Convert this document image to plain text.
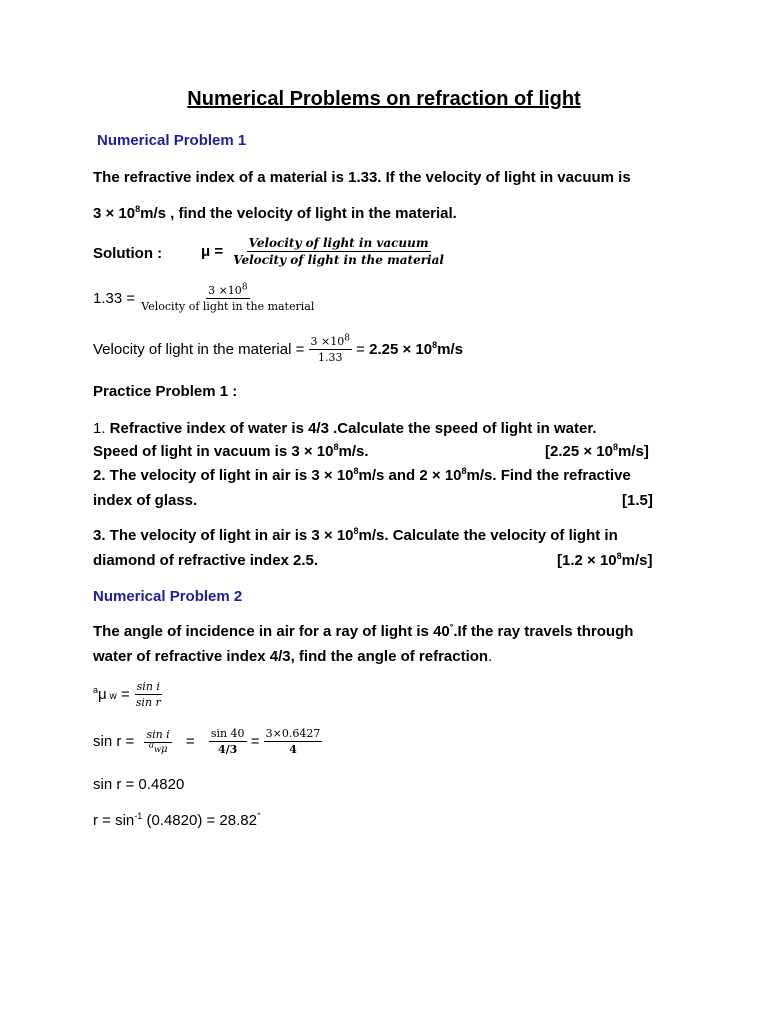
Numerical Problems on refraction of light
Numerical Problem 1
The refractive index of a material is 1.33. If the velocity of light in vacuum is
$3 \times 10^8m/s$ , find the velocity of light in the material.
Solution :	$\mu = \frac{\text{Velocity of light in vacuum}}{\text{Velocity of light in the material}}$
$1.33 = \frac{3 \times 10^8}{\text{Velocity of light in the material}}$
Velocity of light in the material = $\frac{3 \times 10^8}{1.33} = 2.25 \times 10^8m/s$
Practice Problem 1 :
1. Refractive index of water is 4/3 .Calculate the speed of light in water.
Speed of light in vacuum is $3 \times 10^8m/s$.	$[2.25 \times 10^8m/s]$
2. The velocity of light in air is $3 \times 10^8m/s$ and $2 \times 10^8m/s$. Find the refractive
index of glass.	[1.5]
3. The velocity of light in air is $3 \times 10^8m/s$. Calculate the velocity of light in
diamond of refractive index 2.5.	$[1.2 \times 10^8m/s]$
Numerical Problem 2
The angle of incidence in air for a ray of light is 40°.If the ray travels through
water of refractive index 4/3, find the angle of refraction.
$^a$μ $w = \frac{\text{sin i}}{\text{sin r}}$
$\sin r = \frac{\text{sin i}}{^aw\mu} = \frac{\sin 40}{4/3} = \frac{3\times 0.6427}{4}$
sin r = 0.4820
$r = \sin^{-1} (0.4820) = 28.82^\circ$
